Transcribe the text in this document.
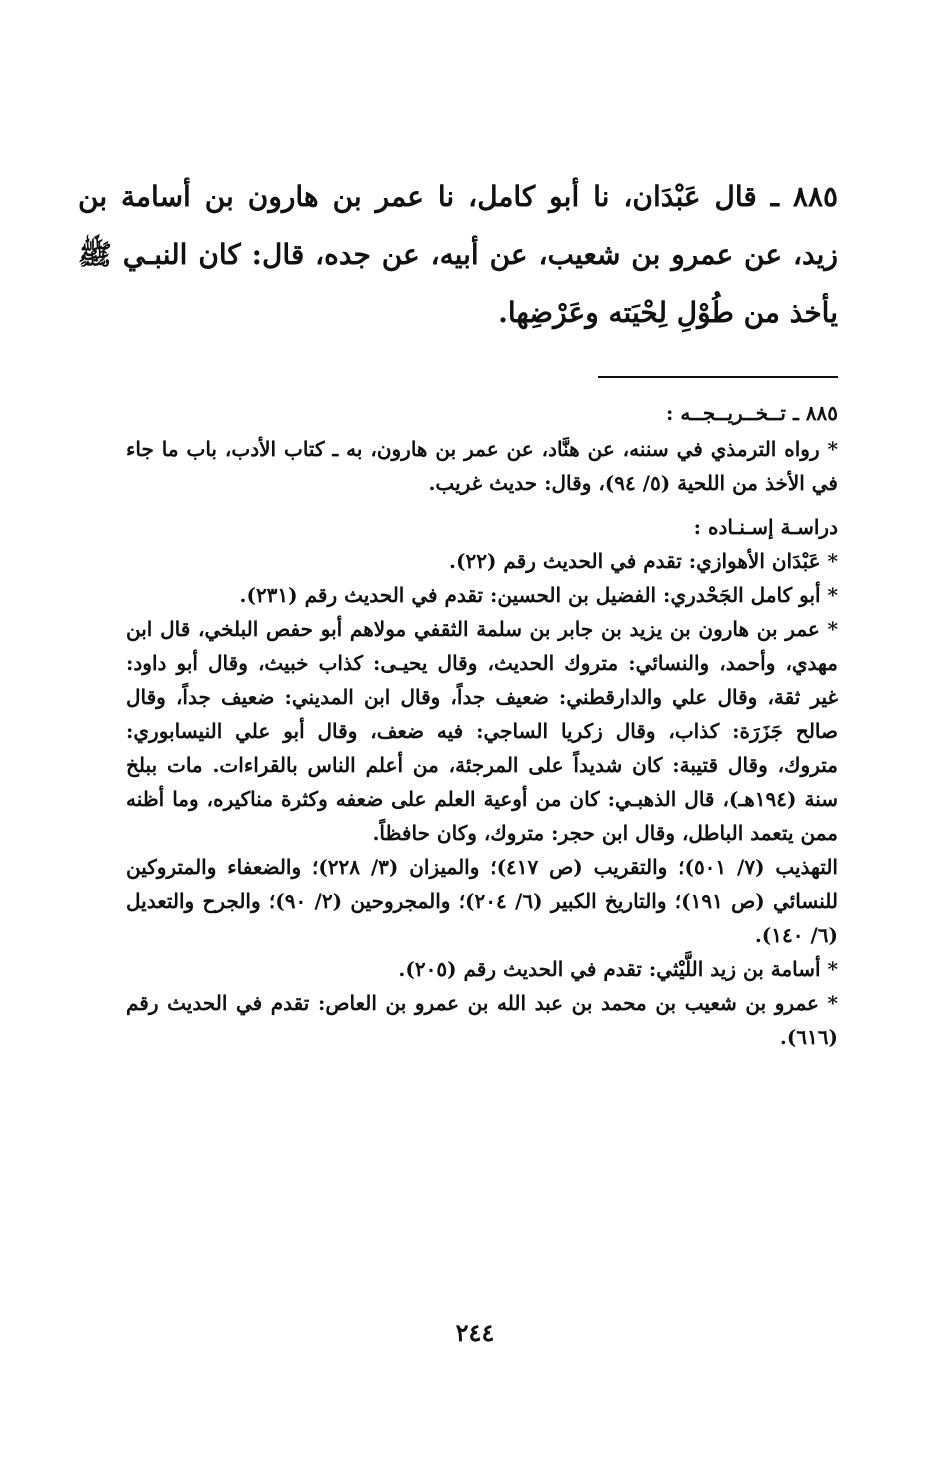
٨٨٥ ـ قال عَبْدَان، نا أبو كامل، نا عمر بن هارون بن أسامة بن زيد، عن عمرو بن شعيب، عن أبيه، عن جده، قال: كان النبـي ﷺ يأخذ من طُوْلِ لِحْيَته وعَرْضِها.

٨٨٥ ـ تــخــريــجــه :

* رواه الترمذي في سننه، عن هنَّاد، عن عمر بن هارون، به ـ كتاب الأدب، باب ما جاء في الأخذ من اللحية (٥/ ٩٤)، وقال: حديث غريب.

دراسـة إسـنـاده :

* عَبْدَان الأهوازي: تقدم في الحديث رقم (٢٢).

* أبو كامل الجَحْدري: الفضيل بن الحسين: تقدم في الحديث رقم (٢٣١).

* عمر بن هارون بن يزيد بن جابر بن سلمة الثقفي مولاهم أبو حفص البلخي، قال ابن مهدي، وأحمد، والنسائي: متروك الحديث، وقال يحيـى: كذاب خبيث، وقال أبو داود: غير ثقة، وقال علي والدارقطني: ضعيف جداً، وقال ابن المديني: ضعيف جداً، وقال صالح جَزَرَة: كذاب، وقال زكريا الساجي: فيه ضعف، وقال أبو علي النيسابوري: متروك، وقال قتيبة: كان شديداً على المرجئة، من أعلم الناس بالقراءات. مات ببلخ سنة (١٩٤هـ)، قال الذهبـي: كان من أوعية العلم على ضعفه وكثرة مناكيره، وما أظنه ممن يتعمد الباطل، وقال ابن حجر: متروك، وكان حافظاً.

التهذيب (٧/ ٥٠١)؛ والتقريب (ص ٤١٧)؛ والميزان (٣/ ٢٢٨)؛ والضعفاء والمتروكين للنسائي (ص ١٩١)؛ والتاريخ الكبير (٦/ ٢٠٤)؛ والمجروحين (٢/ ٩٠)؛ والجرح والتعديل (٦/ ١٤٠).

* أسامة بن زيد اللَّيْثي: تقدم في الحديث رقم (٢٠٥).

* عمرو بن شعيب بن محمد بن عبد الله بن عمرو بن العاص: تقدم في الحديث رقم (٦١٦).

٢٤٤
